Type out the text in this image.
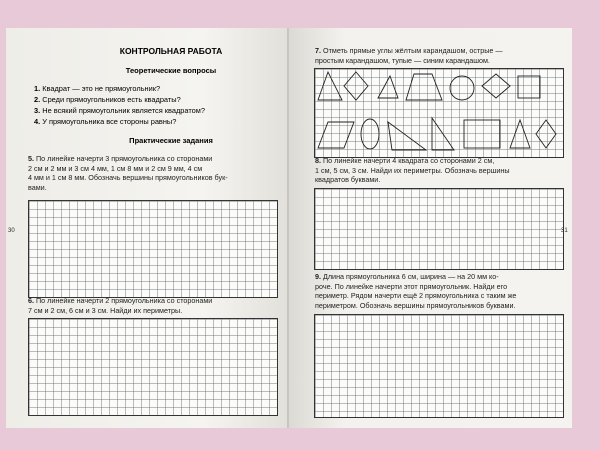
КОНТРОЛЬНАЯ РАБОТА
Теоретические вопросы
1. Квадрат — это не прямоугольник?
2. Среди прямоугольников есть квадраты?
3. Не всякий прямоугольник является квадратом?
4. У прямоугольника все стороны равны?
Практические задания
5. По линейке начерти 3 прямоугольника со сторонами
2 см и 2 мм и 3 см 4 мм, 1 см 8 мм и 2 см 9 мм, 4 см
4 мм и 1 см 8 мм. Обозначь вершины прямоугольников бук-
вами.
6. По линейке начерти 2 прямоугольника со сторонами
7 см и 2 см, 6 см и 3 см. Найди их периметры.
30
7. Отметь прямые углы жёлтым карандашом, острые —
простым карандашом, тупые — синим карандашом.
8. По линейке начерти 4 квадрата со сторонами 2 см,
1 см, 5 см, 3 см. Найди их периметры. Обозначь вершины
квадратов буквами.
9. Длина прямоугольника 6 см, ширина — на 20 мм ко-
роче. По линейке начерти этот прямоугольник. Найди его
периметр. Рядом начерти ещё 2 прямоугольника с таким же
периметром. Обозначь вершины прямоугольников буквами.
31
